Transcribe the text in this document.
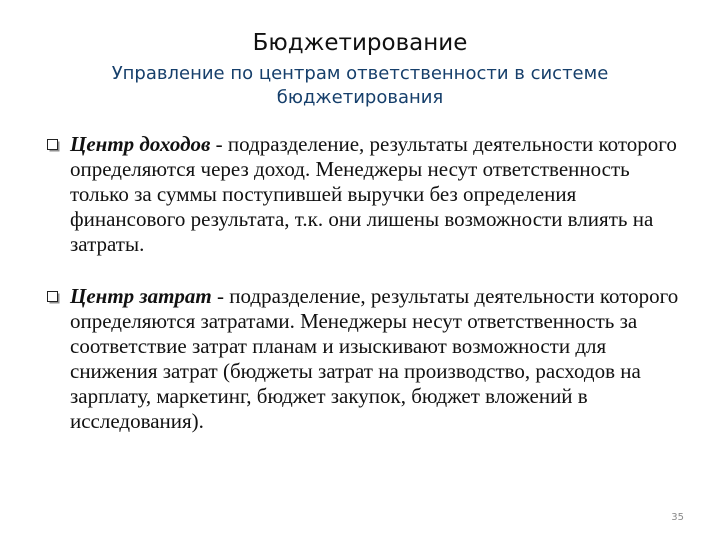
Бюджетирование
Управление по центрам ответственности в системе бюджетирования
Центр доходов - подразделение, результаты деятельности которого определяются через доход. Менеджеры несут ответственность только за суммы поступившей выручки без определения финансового результата, т.к. они лишены возможности влиять на затраты.
Центр затрат - подразделение, результаты деятельности которого определяются затратами. Менеджеры несут ответственность за соответствие затрат планам и изыскивают возможности для снижения затрат (бюджеты затрат на производство, расходов на зарплату, маркетинг, бюджет закупок, бюджет вложений в исследования).
35
